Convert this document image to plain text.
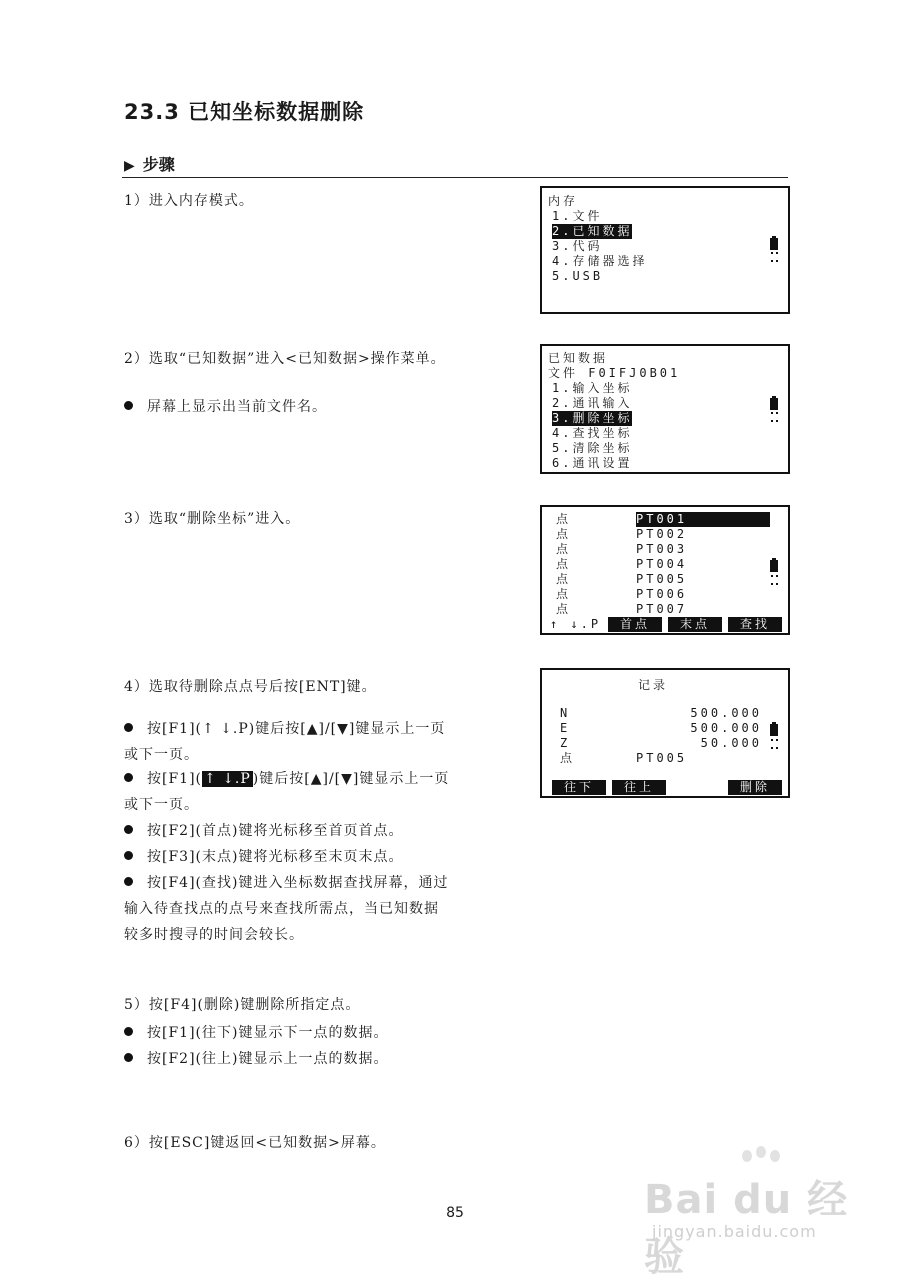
23.3 已知坐标数据删除
▶ 步骤
1）进入内存模式。	内存
1.文件
2.已知数据
3.代码
4.存储器选择
5.USB
2）选取“已知数据”进入<已知数据>操作菜单。
屏幕上显示出当前文件名。
已知数据
文件 F0IFJ0B01
1.输入坐标
2.通讯输入
3.删除坐标
4.查找坐标
5.清除坐标
6.通讯设置
3）选取“删除坐标”进入。	点	PT001
点	PT002
点	PT003
点	PT004
点	PT005
点	PT006
点	PT007
↑ ↓.P	首点	末点	查找
4）选取待删除点点号后按[ENT]键。
按[F1](↑ ↓.P)键后按[▲]/[▼]键显示上一页
或下一页。
按[F1]( ↑ ↓.P )键后按[▲]/[▼]键显示上一页
或下一页。
按[F2](首点)键将光标移至首页首点。
按[F3](末点)键将光标移至末页末点。
按[F4](查找)键进入坐标数据查找屏幕，通过
输入待查找点的点号来查找所需点，当已知数据
较多时搜寻的时间会较长。
记录
N	500.000
E	500.000
Z	50.000
点	PT005
往下	往上	删除
5）按[F4](删除)键删除所指定点。
按[F1](往下)键显示下一点的数据。
按[F2](往上)键显示上一点的数据。
6）按[ESC]键返回<已知数据>屏幕。
85	Bai du 经验
jingyan.baidu.com
